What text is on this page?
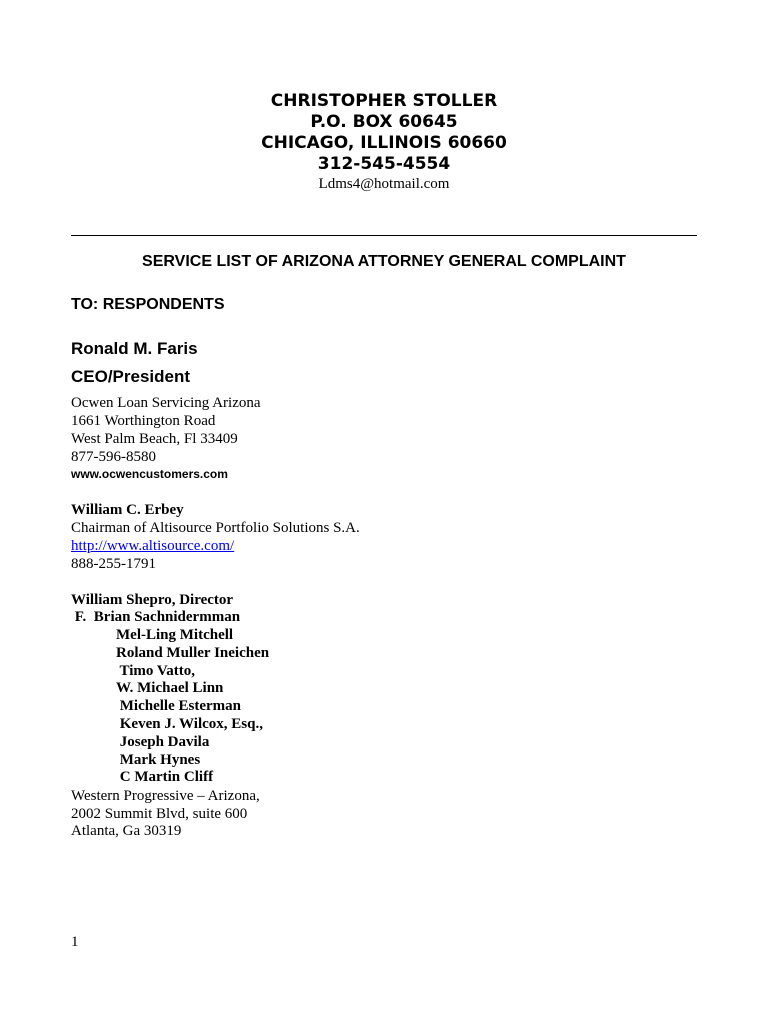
CHRISTOPHER STOLLER
P.O. BOX 60645
CHICAGO, ILLINOIS 60660
312-545-4554
Ldms4@hotmail.com
SERVICE LIST OF ARIZONA ATTORNEY GENERAL COMPLAINT
TO: RESPONDENTS
Ronald M. Faris
CEO/President
Ocwen Loan Servicing Arizona
1661 Worthington Road
West Palm Beach, Fl 33409
877-596-8580
www.ocwencustomers.com
William C. Erbey
Chairman of Altisource Portfolio Solutions S.A.
http://www.altisource.com/
888-255-1791
William Shepro, Director
F.  Brian Sachnidermman
Mel-Ling Mitchell
Roland Muller Ineichen
Timo Vatto,
W. Michael Linn
Michelle Esterman
Keven J. Wilcox, Esq.,
Joseph Davila
Mark Hynes
C Martin Cliff
Western Progressive – Arizona,
2002 Summit Blvd, suite 600
Atlanta, Ga 30319
1
